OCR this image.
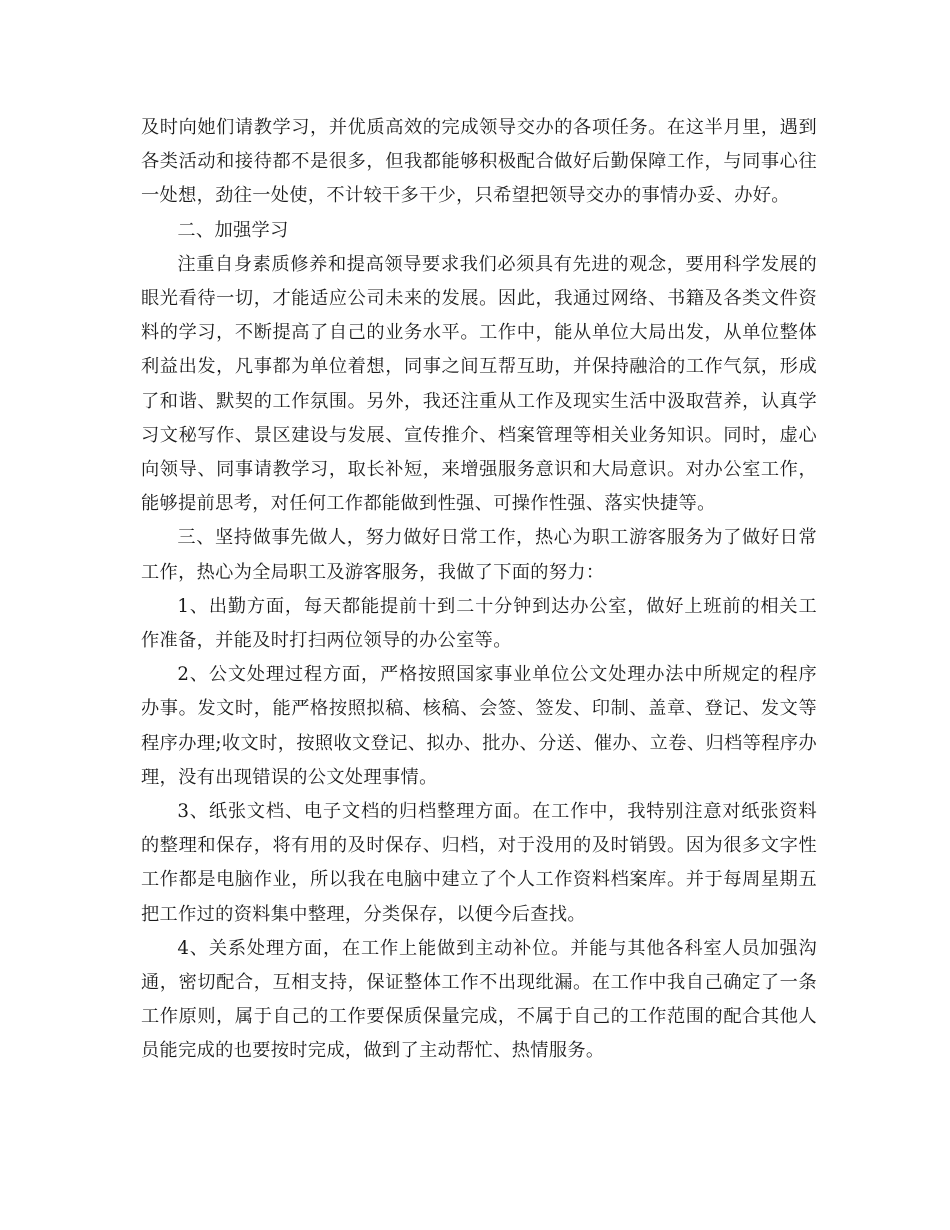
及时向她们请教学习，并优质高效的完成领导交办的各项任务。在这半月里，遇到各类活动和接待都不是很多，但我都能够积极配合做好后勤保障工作，与同事心往一处想，劲往一处使，不计较干多干少，只希望把领导交办的事情办妥、办好。

二、加强学习

注重自身素质修养和提高领导要求我们必须具有先进的观念，要用科学发展的眼光看待一切，才能适应公司未来的发展。因此，我通过网络、书籍及各类文件资料的学习，不断提高了自己的业务水平。工作中，能从单位大局出发，从单位整体利益出发，凡事都为单位着想，同事之间互帮互助，并保持融洽的工作气氛，形成了和谐、默契的工作氛围。另外，我还注重从工作及现实生活中汲取营养，认真学习文秘写作、景区建设与发展、宣传推介、档案管理等相关业务知识。同时，虚心向领导、同事请教学习，取长补短，来增强服务意识和大局意识。对办公室工作，能够提前思考，对任何工作都能做到性强、可操作性强、落实快捷等。

三、坚持做事先做人，努力做好日常工作，热心为职工游客服务为了做好日常工作，热心为全局职工及游客服务，我做了下面的努力：

1、出勤方面，每天都能提前十到二十分钟到达办公室，做好上班前的相关工作准备，并能及时打扫两位领导的办公室等。

2、公文处理过程方面，严格按照国家事业单位公文处理办法中所规定的程序办事。发文时，能严格按照拟稿、核稿、会签、签发、印制、盖章、登记、发文等程序办理;收文时，按照收文登记、拟办、批办、分送、催办、立卷、归档等程序办理，没有出现错误的公文处理事情。

3、纸张文档、电子文档的归档整理方面。在工作中，我特别注意对纸张资料的整理和保存，将有用的及时保存、归档，对于没用的及时销毁。因为很多文字性工作都是电脑作业，所以我在电脑中建立了个人工作资料档案库。并于每周星期五把工作过的资料集中整理，分类保存，以便今后查找。

4、关系处理方面，在工作上能做到主动补位。并能与其他各科室人员加强沟通，密切配合，互相支持，保证整体工作不出现纰漏。在工作中我自己确定了一条工作原则，属于自己的工作要保质保量完成，不属于自己的工作范围的配合其他人员能完成的也要按时完成，做到了主动帮忙、热情服务。
